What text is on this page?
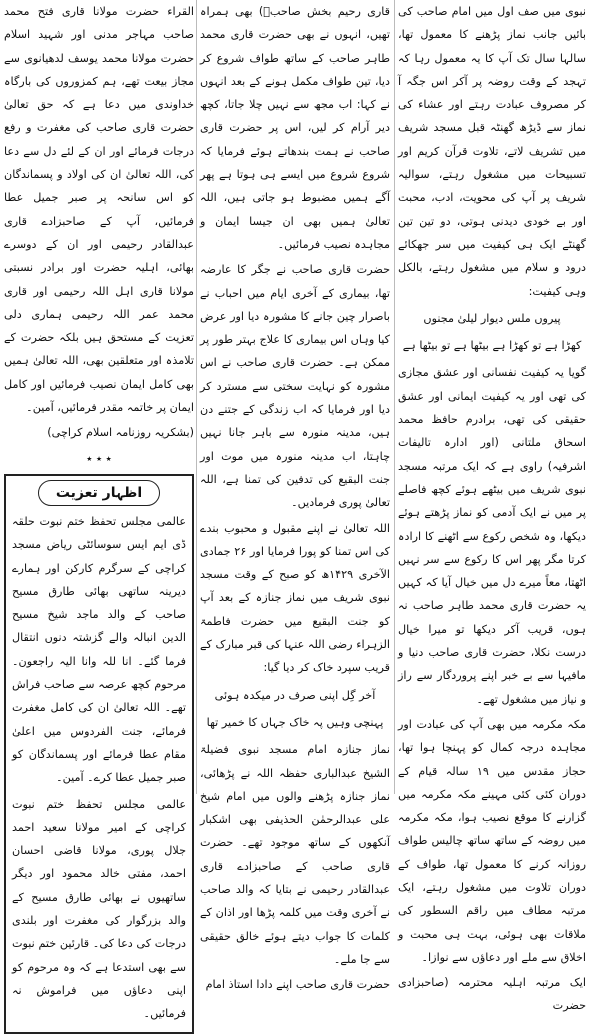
نبوی میں صف اول میں امام صاحب کی بائیں جانب نماز پڑھنے کا معمول تھا، سالہا سال تک آپ کا یہ معمول رہا کہ تہجد کے وقت روضہ پر آکر اس جگہ آ کر مصروف عبادت رہتے اور عشاء کی نماز سے ڈیڑھ گھنٹہ قبل مسجد شریف میں تشریف لاتے، تلاوت قرآن کریم اور تسبیحات میں مشغول رہتے، سوالیہ شریف پر آپ کی محویت، ادب، محبت اور بے خودی دیدنی ہوتی، دو تین تین گھنٹے ایک ہی کیفیت میں سر جھکائے درود و سلام میں مشغول رہتے، بالکل وہی کیفیت:

پیروں ملس دیوار لیلیٰ مجنوں

کھڑا ہے تو کھڑا ہے بیٹھا ہے تو بیٹھا ہے

گویا یہ کیفیت نفسانی اور عشق مجازی کی تھی اور یہ کیفیت ایمانی اور عشق حقیقی کی تھی، برادرم حافظ محمد اسحاق ملتانی (اور ادارہ تالیفات اشرفیہ) راوی ہے کہ ایک مرتبہ مسجد نبوی شریف میں بیٹھے ہوئے کچھ فاصلے پر میں نے ایک آدمی کو نماز پڑھتے ہوئے دیکھا، وہ شخص رکوع سے اٹھنے کا ارادہ کرتا مگر پھر اس کا رکوع سے سر نہیں اٹھتا، معاً میرے دل میں خیال آیا کہ کہیں یہ حضرت قاری محمد طاہر صاحب نہ ہوں، قریب آکر دیکھا تو میرا خیال درست نکلا، حضرت قاری صاحب دنیا و مافیہا سے بے خبر اپنے پروردگار سے راز و نیاز میں مشغول تھے۔

مکہ مکرمہ میں بھی آپ کی عبادت اور مجاہدہ درجہ کمال کو پہنچا ہوا تھا، حجاز مقدس میں ۱۹ سالہ قیام کے دوران کئی کئی مہینے مکہ مکرمہ میں گزارنے کا موقع نصیب ہوا، مکہ مکرمہ میں روضہ کے ساتھ ساتھ چالیس طواف روزانہ کرنے کا معمول تھا، طواف کے دوران تلاوت میں مشغول رہتے، ایک مرتبہ مطاف میں راقم السطور کی ملاقات بھی ہوئی، بہت ہی محبت و اخلاق سے ملے اور دعاؤں سے نوازا۔

ایک مرتبہ اہلیہ محترمہ (صاحبزادی حضرت

قاری رحیم بخش صاحبؒ) بھی ہمراہ تھیں، انہوں نے بھی حضرت قاری محمد طاہر صاحب کے ساتھ طواف شروع کر دیا، تین طواف مکمل ہونے کے بعد انہوں نے کہا: اب مجھ سے نہیں چلا جاتا، کچھ دیر آرام کر لیں، اس پر حضرت قاری صاحب نے ہمت بندھاتے ہوئے فرمایا کہ شروع شروع میں ایسے ہی ہوتا ہے پھر آگے ہمیں مضبوط ہو جاتی ہیں، اللہ تعالیٰ ہمیں بھی ان جیسا ایمان و مجاہدہ نصیب فرمائیں۔

حضرت قاری صاحب نے جگر کا عارضہ تھا، بیماری کے آخری ایام میں احباب نے باصرار چین جانے کا مشورہ دیا اور عرض کیا وہاں اس بیماری کا علاج بہتر طور پر ممکن ہے۔ حضرت قاری صاحب نے اس مشورہ کو نہایت سختی سے مسترد کر دیا اور فرمایا کہ اب زندگی کے جتنے دن ہیں، مدینہ منورہ سے باہر جانا نہیں چاہتا، اب مدینہ منورہ میں موت اور جنت البقیع کی تدفین کی تمنا ہے، اللہ تعالیٰ پوری فرمادیں۔

اللہ تعالیٰ نے اپنے مقبول و محبوب بندے کی اس تمنا کو پورا فرمایا اور ۲۶ جمادی الآخری ۱۴۲۹ھ کو صبح کے وقت مسجد نبوی شریف میں نماز جنازہ کے بعد آپ کو جنت البقیع میں حضرت فاطمۃ الزہراء رضی اللہ عنہا کی قبر مبارک کے قریب سپرد خاک کر دیا گیا:

آخر گِل اپنی صرف در میکدہ ہوئی

پہنچی وہیں پہ خاک جہاں کا خمیر تھا

نماز جنازہ امام مسجد نبوی فضیلۃ الشیخ عبدالباری حفظہ اللہ نے پڑھائی، نماز جنازہ پڑھنے والوں میں امام شیخ علی عبدالرحمٰن الحذیفی بھی اشکبار آنکھوں کے ساتھ موجود تھے۔ حضرت قاری صاحب کے صاحبزادے قاری عبدالقادر رحیمی نے بتایا کہ والد صاحب نے آخری وقت میں کلمہ پڑھا اور اذان کے کلمات کا جواب دیتے ہوئے خالق حقیقی سے جا ملے۔

حضرت قاری صاحب اپنے دادا استاذ امام

القراء حضرت مولانا قاری فتح محمد صاحب مہاجر مدنی اور شہید اسلام حضرت مولانا محمد یوسف لدھیانوی سے مجاز بیعت تھے، ہم کمزوروں کی بارگاہ خداوندی میں دعا ہے کہ حق تعالیٰ حضرت قاری صاحب کی مغفرت و رفع درجات فرمائے اور ان کے لئے دل سے دعا کی، اللہ تعالیٰ ان کی اولاد و پسماندگان کو اس سانحہ پر صبر جمیل عطا فرمائیں، آپ کے صاحبزادے قاری عبدالقادر رحیمی اور ان کے دوسرے بھائی، اہلیہ حضرت اور برادر نسبتی مولانا قاری اہل اللہ رحیمی اور قاری محمد عمر اللہ رحیمی ہماری دلی تعزیت کے مستحق ہیں بلکہ حضرت کے تلامذہ اور متعلقین بھی، اللہ تعالیٰ ہمیں بھی کامل ایمان نصیب فرمائیں اور کامل ایمان پر خاتمہ مقدر فرمائیں، آمین۔

(بشکریہ روزنامہ اسلام کراچی)

٭ ٭ ٭

اظہار تعزیت

عالمی مجلس تحفظ ختم نبوت حلقہ ڈی ایم ایس سوسائٹی ریاض مسجد کراچی کے سرگرم کارکن اور ہمارے دیرینہ ساتھی بھائی طارق مسیح صاحب کے والد ماجد شیخ مسیح الدین انبالہ والے گزشتہ دنوں انتقال فرما گئے۔ انا للہ وانا الیہ راجعون۔ مرحوم کچھ عرصہ سے صاحب فراش تھے۔ اللہ تعالیٰ ان کی کامل مغفرت فرمائے، جنت الفردوس میں اعلیٰ مقام عطا فرمائے اور پسماندگان کو صبر جمیل عطا کرے۔ آمین۔

عالمی مجلس تحفظ ختم نبوت کراچی کے امیر مولانا سعید احمد جلال پوری، مولانا قاضی احسان احمد، مفتی خالد محمود اور دیگر ساتھیوں نے بھائی طارق مسیح کے والد بزرگوار کی مغفرت اور بلندی درجات کی دعا کی۔ قارئین ختم نبوت سے بھی استدعا ہے کہ وہ مرحوم کو اپنی دعاؤں میں فراموش نہ فرمائیں۔
